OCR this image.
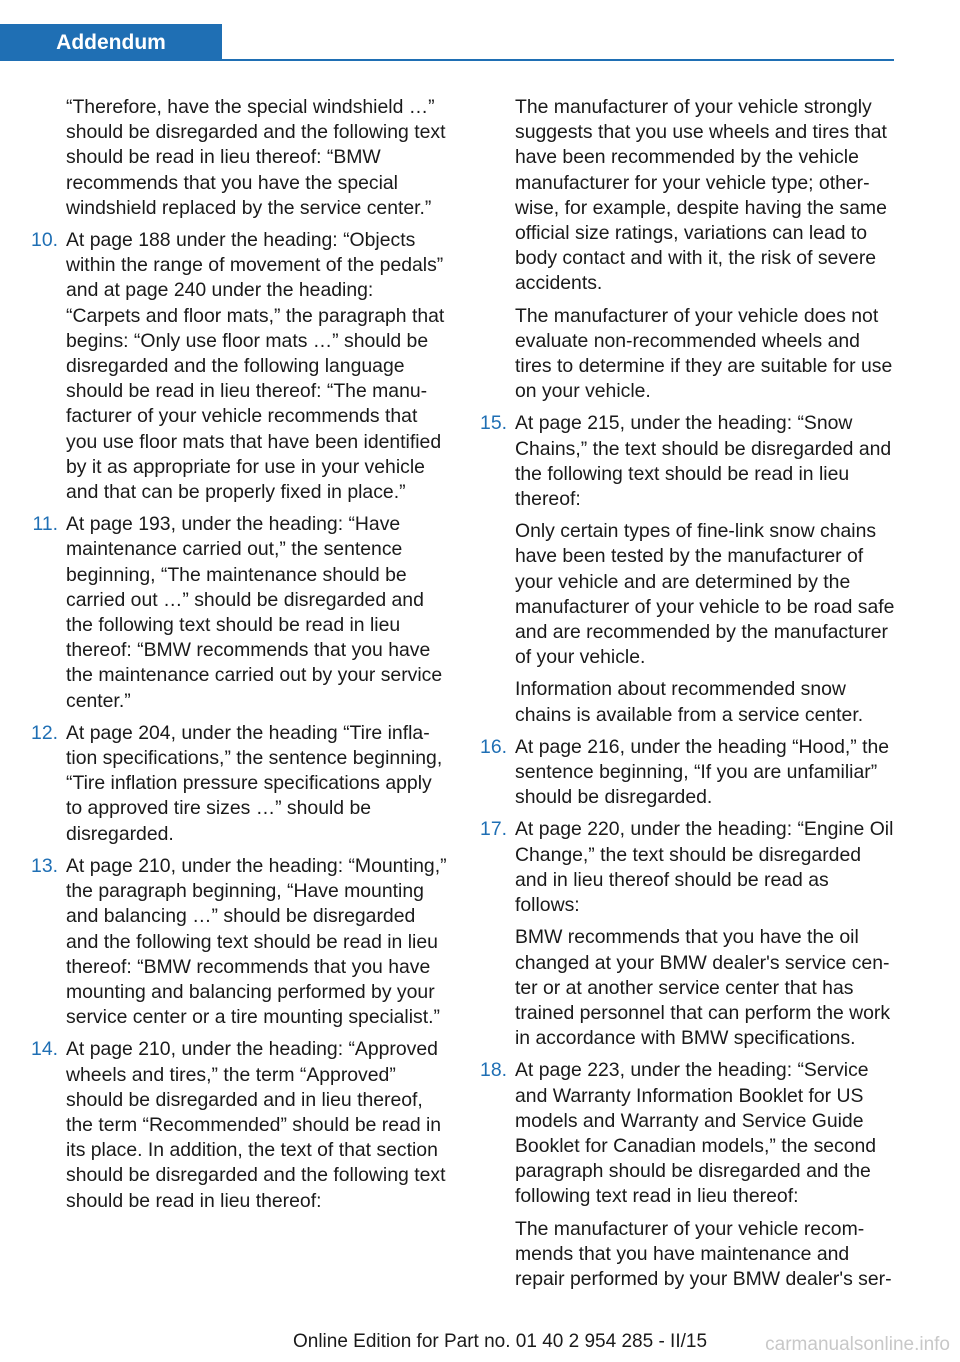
Addendum

“Therefore, have the special windshield …” should be disregarded and the following text should be read in lieu thereof: “BMW recommends that you have the special windshield replaced by the service center.”

10. At page 188 under the heading: “Objects within the range of movement of the pedals” and at page 240 under the heading: “Carpets and floor mats,” the paragraph that begins: “Only use floor mats …” should be disregarded and the following language should be read in lieu thereof: “The manufacturer of your vehicle recommends that you use floor mats that have been identified by it as appropriate for use in your vehicle and that can be properly fixed in place.”
11. At page 193, under the heading: “Have maintenance carried out,” the sentence beginning, “The maintenance should be carried out …” should be disregarded and the following text should be read in lieu thereof: “BMW recommends that you have the maintenance carried out by your service center.”
12. At page 204, under the heading “Tire inflation specifications,” the sentence beginning, “Tire inflation pressure specifications apply to approved tire sizes …” should be disregarded.
13. At page 210, under the heading: “Mounting,” the paragraph beginning, “Have mounting and balancing …” should be disregarded and the following text should be read in lieu thereof: “BMW recommends that you have mounting and balancing performed by your service center or a tire mounting specialist.”
14. At page 210, under the heading: “Approved wheels and tires,” the term “Approved” should be disregarded and in lieu thereof, the term “Recommended” should be read in its place. In addition, the text of that section should be disregarded and the following text should be read in lieu thereof:

The manufacturer of your vehicle strongly suggests that you use wheels and tires that have been recommended by the vehicle manufacturer for your vehicle type; otherwise, for example, despite having the same official size ratings, variations can lead to body contact and with it, the risk of severe accidents.

The manufacturer of your vehicle does not evaluate non-recommended wheels and tires to determine if they are suitable for use on your vehicle.

15. At page 215, under the heading: “Snow Chains,” the text should be disregarded and the following text should be read in lieu thereof:

Only certain types of fine-link snow chains have been tested by the manufacturer of your vehicle and are determined by the manufacturer of your vehicle to be road safe and are recommended by the manufacturer of your vehicle.

Information about recommended snow chains is available from a service center.

16. At page 216, under the heading “Hood,” the sentence beginning, “If you are unfamiliar” should be disregarded.
17. At page 220, under the heading: “Engine Oil Change,” the text should be disregarded and in lieu thereof should be read as follows:

BMW recommends that you have the oil changed at your BMW dealer's service center or at another service center that has trained personnel that can perform the work in accordance with BMW specifications.

18. At page 223, under the heading: “Service and Warranty Information Booklet for US models and Warranty and Service Guide Booklet for Canadian models,” the second paragraph should be disregarded and the following text read in lieu thereof:

The manufacturer of your vehicle recommends that you have maintenance and repair performed by your BMW dealer's ser-

Online Edition for Part no. 01 40 2 954 285 - II/15	carmanualsonline.info
